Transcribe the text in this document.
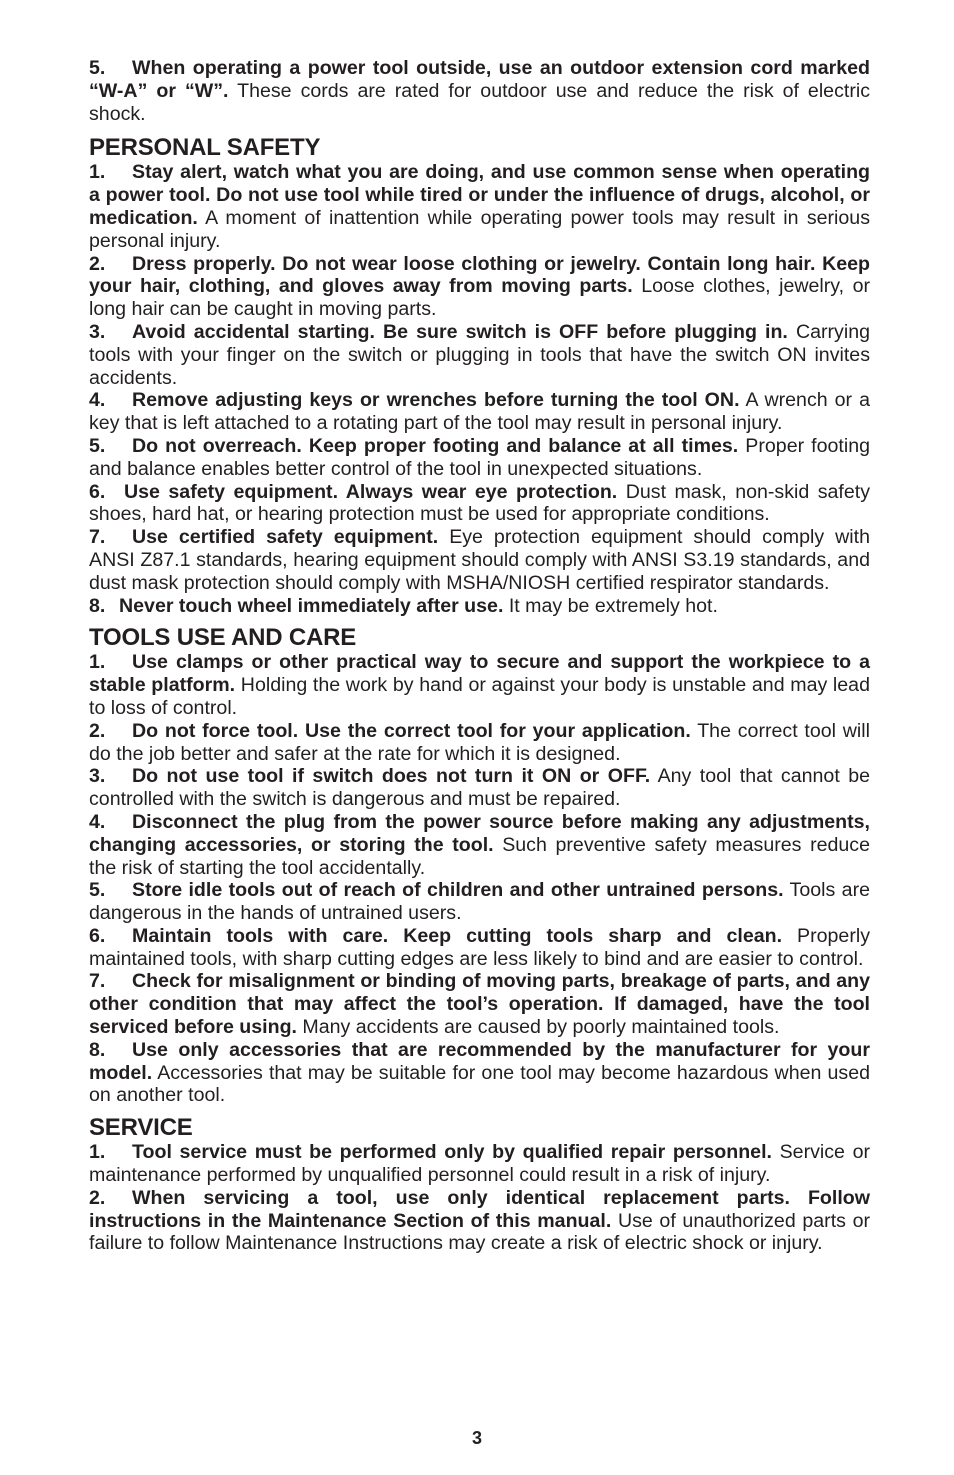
5. When operating a power tool outside, use an outdoor extension cord marked “W-A” or “W”. These cords are rated for outdoor use and reduce the risk of electric shock.

PERSONAL SAFETY

1. Stay alert, watch what you are doing, and use common sense when operating a power tool. Do not use tool while tired or under the influence of drugs, alcohol, or medication. A moment of inattention while operating power tools may result in serious personal injury.

2. Dress properly. Do not wear loose clothing or jewelry. Contain long hair. Keep your hair, clothing, and gloves away from moving parts. Loose clothes, jewelry, or long hair can be caught in moving parts.

3. Avoid accidental starting. Be sure switch is OFF before plugging in. Carrying tools with your finger on the switch or plugging in tools that have the switch ON invites accidents.

4. Remove adjusting keys or wrenches before turning the tool ON. A wrench or a key that is left attached to a rotating part of the tool may result in personal injury.

5. Do not overreach. Keep proper footing and balance at all times. Proper footing and balance enables better control of the tool in unexpected situations.

6. Use safety equipment. Always wear eye protection. Dust mask, non-skid safety shoes, hard hat, or hearing protection must be used for appropriate conditions.

7. Use certified safety equipment. Eye protection equipment should comply with ANSI Z87.1 standards, hearing equipment should comply with ANSI S3.19 standards, and dust mask protection should comply with MSHA/NIOSH certified respirator standards.

8. Never touch wheel immediately after use. It may be extremely hot.

TOOLS USE AND CARE

1. Use clamps or other practical way to secure and support the workpiece to a stable platform. Holding the work by hand or against your body is unstable and may lead to loss of control.

2. Do not force tool. Use the correct tool for your application. The correct tool will do the job better and safer at the rate for which it is designed.

3. Do not use tool if switch does not turn it ON or OFF. Any tool that cannot be controlled with the switch is dangerous and must be repaired.

4. Disconnect the plug from the power source before making any adjustments, changing accessories, or storing the tool. Such preventive safety measures reduce the risk of starting the tool accidentally.

5. Store idle tools out of reach of children and other untrained persons. Tools are dangerous in the hands of untrained users.

6. Maintain tools with care. Keep cutting tools sharp and clean. Properly maintained tools, with sharp cutting edges are less likely to bind and are easier to control.

7. Check for misalignment or binding of moving parts, breakage of parts, and any other condition that may affect the tool’s operation. If damaged, have the tool serviced before using. Many accidents are caused by poorly maintained tools.

8. Use only accessories that are recommended by the manufacturer for your model. Accessories that may be suitable for one tool may become hazardous when used on another tool.

SERVICE

1. Tool service must be performed only by qualified repair personnel. Service or maintenance performed by unqualified personnel could result in a risk of injury.

2. When servicing a tool, use only identical replacement parts. Follow instructions in the Maintenance Section of this manual. Use of unauthorized parts or failure to follow Maintenance Instructions may create a risk of electric shock or injury.

3
